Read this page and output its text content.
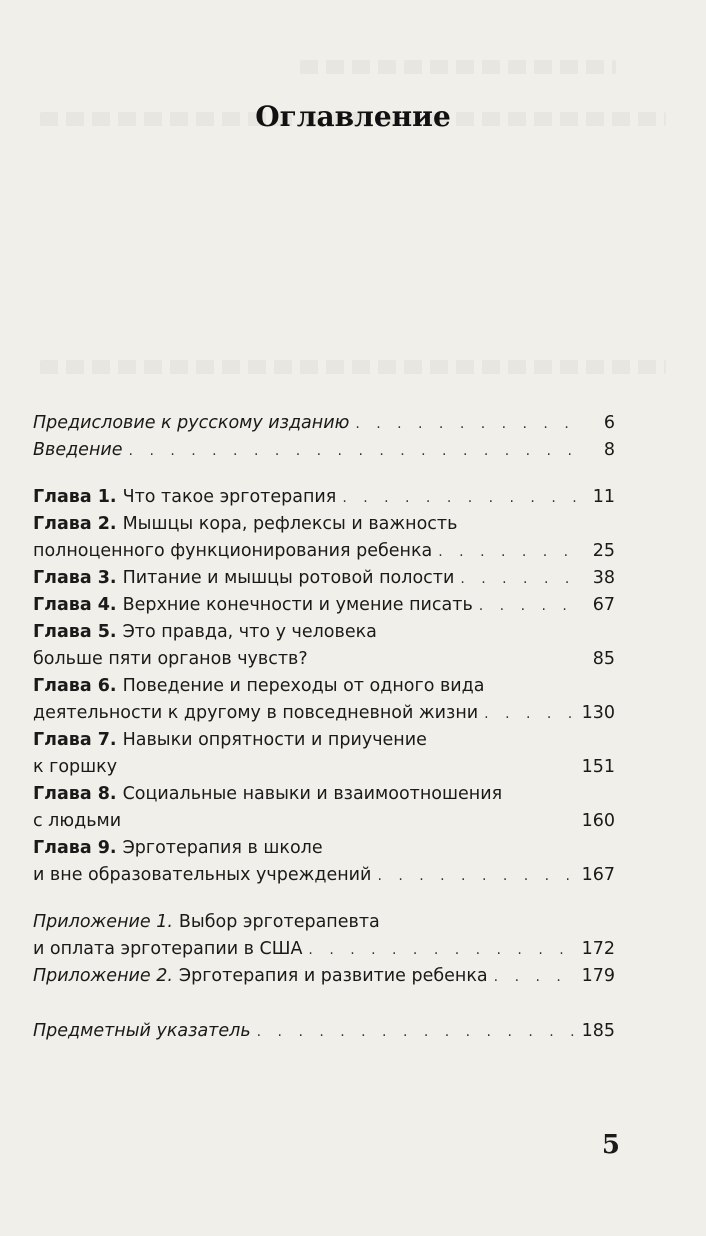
Оглавление
Предисловие к русскому изданию . . .	6
Введение . . .	8
Глава 1. Что такое эрготерапия . . .	11
Глава 2. Мышцы кора, рефлексы и важность
полноценного функционирования ребенка . . .	25
Глава 3. Питание и мышцы ротовой полости . . .	38
Глава 4. Верхние конечности и умение писать . . .	67
Глава 5. Это правда, что у человека
больше пяти органов чувств?	85
Глава 6. Поведение и переходы от одного вида
деятельности к другому в повседневной жизни . . .	130
Глава 7. Навыки опрятности и приучение
к горшку	151
Глава 8. Социальные навыки и взаимоотношения
с людьми	160
Глава 9. Эрготерапия в школе
и вне образовательных учреждений . . .	167
Приложение 1. Выбор эрготерапевта
и оплата эрготерапии в США . . .	172
Приложение 2. Эрготерапия и развитие ребенка . . .	179
Предметный указатель . . .	185
5
